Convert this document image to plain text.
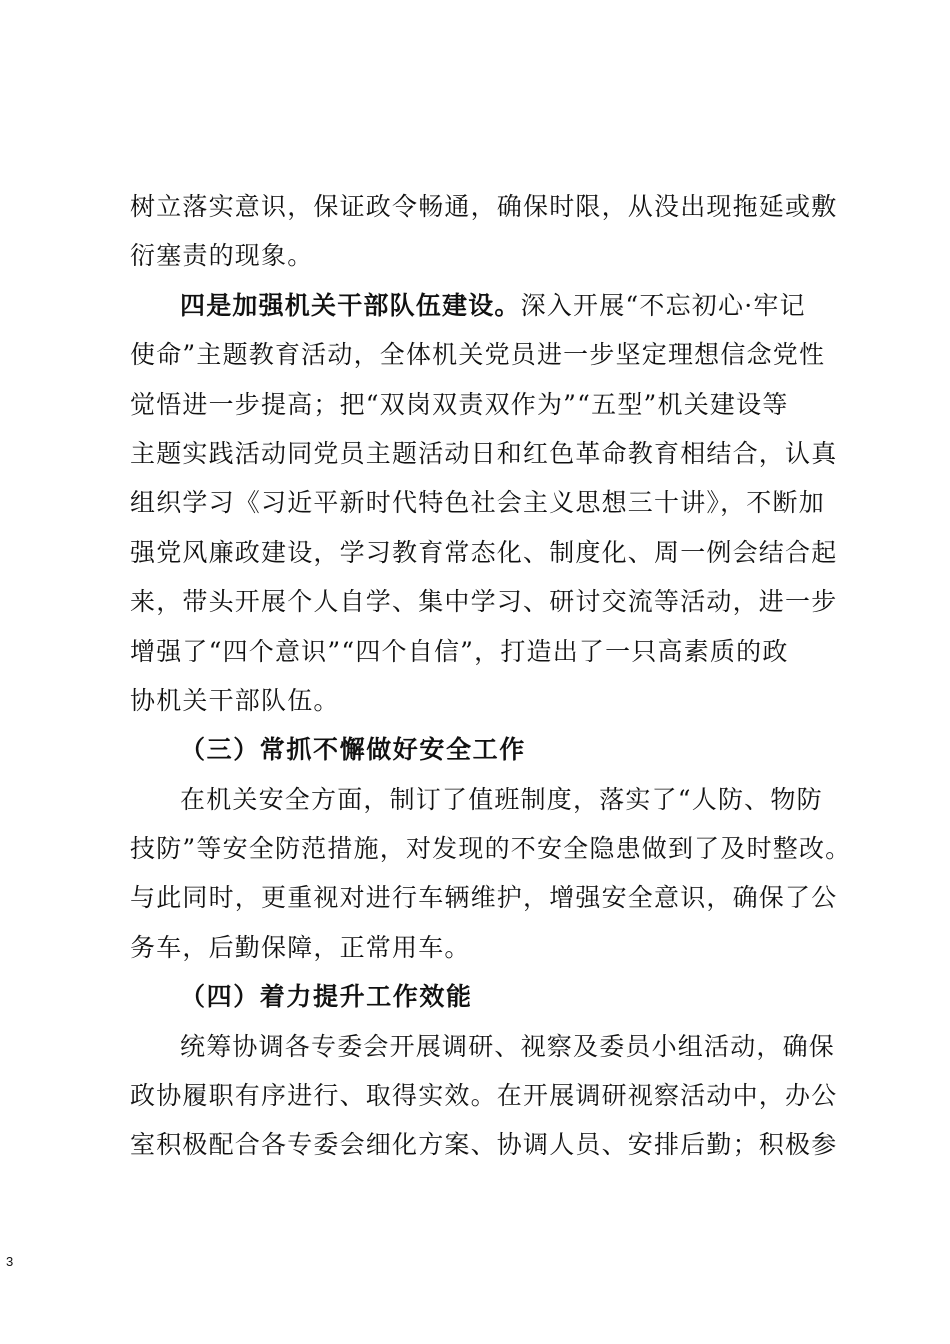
树立落实意识，保证政令畅通，确保时限，从没出现拖延或敷
衍塞责的现象。
四是加强机关干部队伍建设。深入开展“不忘初心·牢记
使命”主题教育活动，全体机关党员进一步坚定理想信念党性
觉悟进一步提高；把“双岗双责双作为”“五型”机关建设等
主题实践活动同党员主题活动日和红色革命教育相结合，认真
组织学习《习近平新时代特色社会主义思想三十讲》，不断加
强党风廉政建设，学习教育常态化、制度化、周一例会结合起
来，带头开展个人自学、集中学习、研讨交流等活动，进一步
增强了“四个意识”“四个自信”，打造出了一只高素质的政
协机关干部队伍。
（三）常抓不懈做好安全工作
在机关安全方面，制订了值班制度，落实了“人防、物防
技防”等安全防范措施，对发现的不安全隐患做到了及时整改。
与此同时，更重视对进行车辆维护，增强安全意识，确保了公
务车，后勤保障，正常用车。
（四）着力提升工作效能
统筹协调各专委会开展调研、视察及委员小组活动，确保
政协履职有序进行、取得实效。在开展调研视察活动中，办公
室积极配合各专委会细化方案、协调人员、安排后勤；积极参
3
